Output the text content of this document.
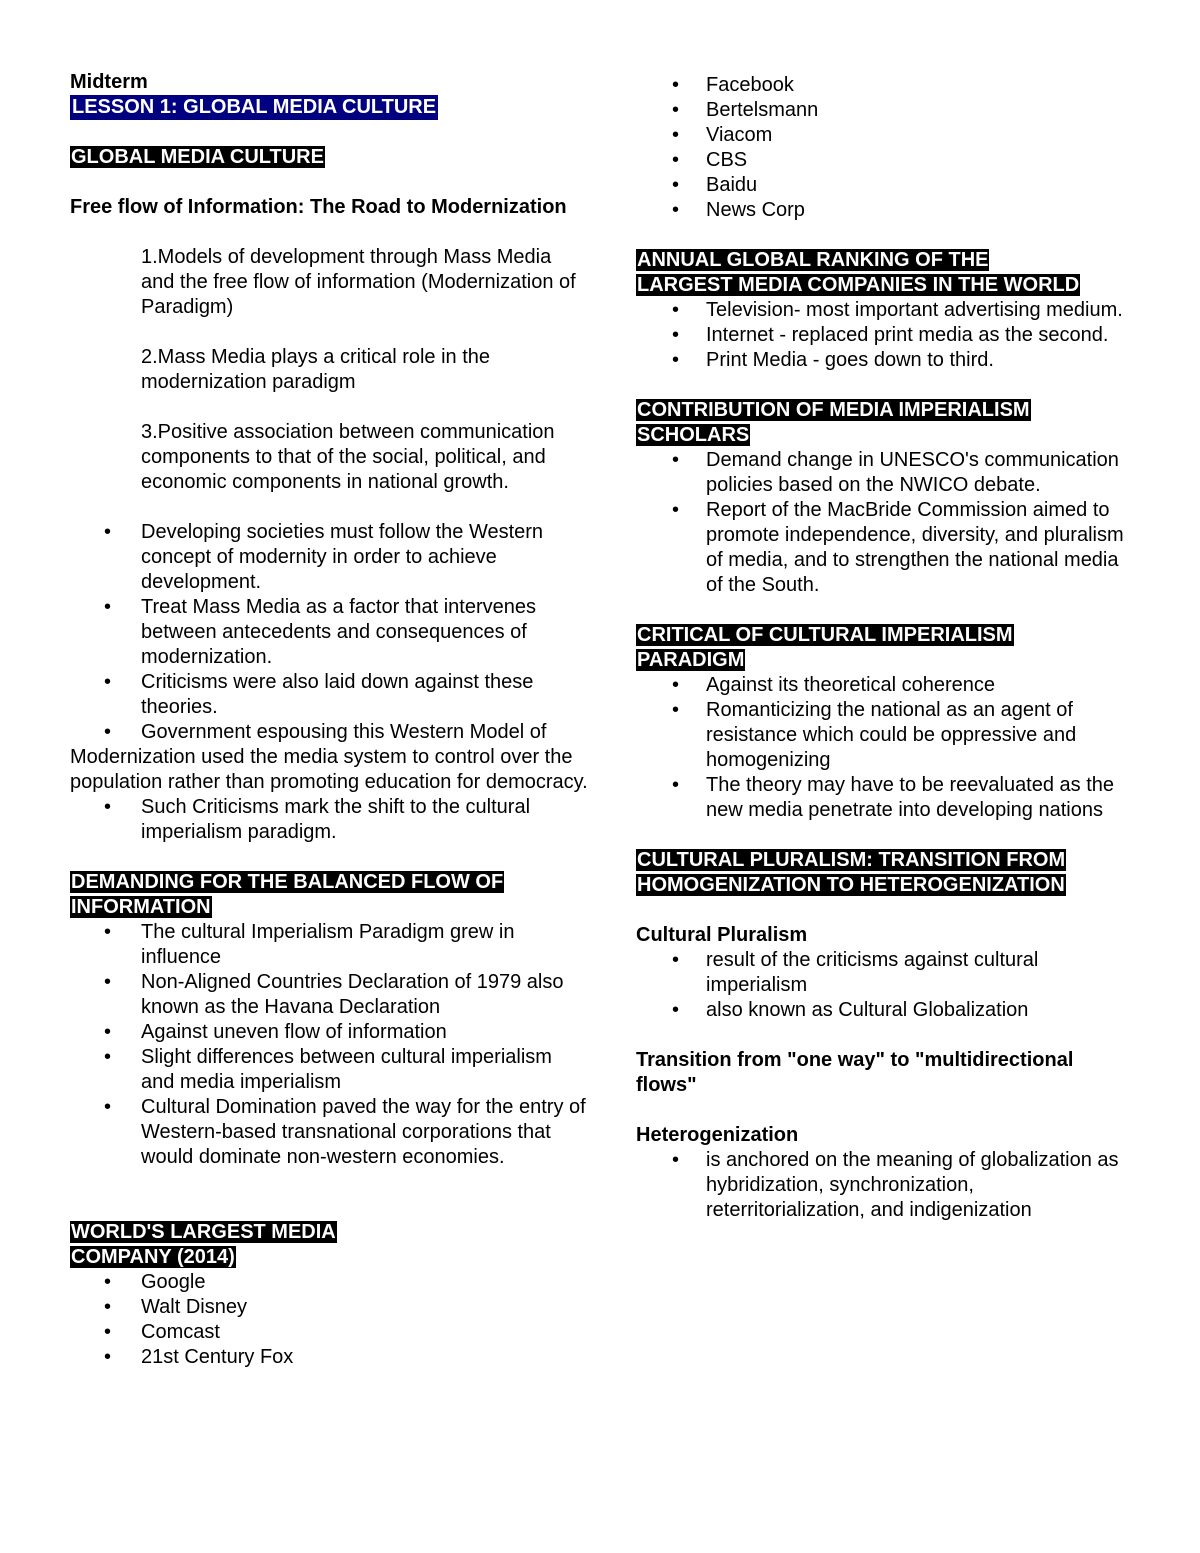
Midterm
LESSON 1: GLOBAL MEDIA CULTURE
GLOBAL MEDIA CULTURE
Free flow of Information: The Road to Modernization
1.Models of development through Mass Media and the free flow of information (Modernization of Paradigm)
2.Mass Media plays a critical role in the modernization paradigm
3.Positive association between communication components to that of the social, political, and economic components in national growth.
• Developing societies must follow the Western concept of modernity in order to achieve development.
• Treat Mass Media as a factor that intervenes between antecedents and consequences of modernization.
• Criticisms were also laid down against these theories.
• Government espousing this Western Model of Modernization used the media system to control over the population rather than promoting education for democracy.
• Such Criticisms mark the shift to the cultural imperialism paradigm.
DEMANDING FOR THE BALANCED FLOW OF
INFORMATION
• The cultural Imperialism Paradigm grew in influence
• Non-Aligned Countries Declaration of 1979 also known as the Havana Declaration
• Against uneven flow of information
• Slight differences between cultural imperialism and media imperialism
• Cultural Domination paved the way for the entry of Western-based transnational corporations that would dominate non-western economies.
WORLD'S LARGEST MEDIA
COMPANY (2014)
• Google
• Walt Disney
• Comcast
• 21st Century Fox
• Facebook
• Bertelsmann
• Viacom
• CBS
• Baidu
• News Corp
ANNUAL GLOBAL RANKING OF THE
LARGEST MEDIA COMPANIES IN THE WORLD
• Television- most important advertising medium.
• Internet - replaced print media as the second.
• Print Media - goes down to third.
CONTRIBUTION OF MEDIA IMPERIALISM
SCHOLARS
• Demand change in UNESCO's communication policies based on the NWICO debate.
• Report of the MacBride Commission aimed to promote independence, diversity, and pluralism of media, and to strengthen the national media of the South.
CRITICAL OF CULTURAL IMPERIALISM
PARADIGM
• Against its theoretical coherence
• Romanticizing the national as an agent of resistance which could be oppressive and homogenizing
• The theory may have to be reevaluated as the new media penetrate into developing nations
CULTURAL PLURALISM: TRANSITION FROM
HOMOGENIZATION TO HETEROGENIZATION
Cultural Pluralism
• result of the criticisms against cultural imperialism
• also known as Cultural Globalization
Transition from "one way" to "multidirectional flows"
Heterogenization
• is anchored on the meaning of globalization as hybridization, synchronization, reterritorialization, and indigenization
